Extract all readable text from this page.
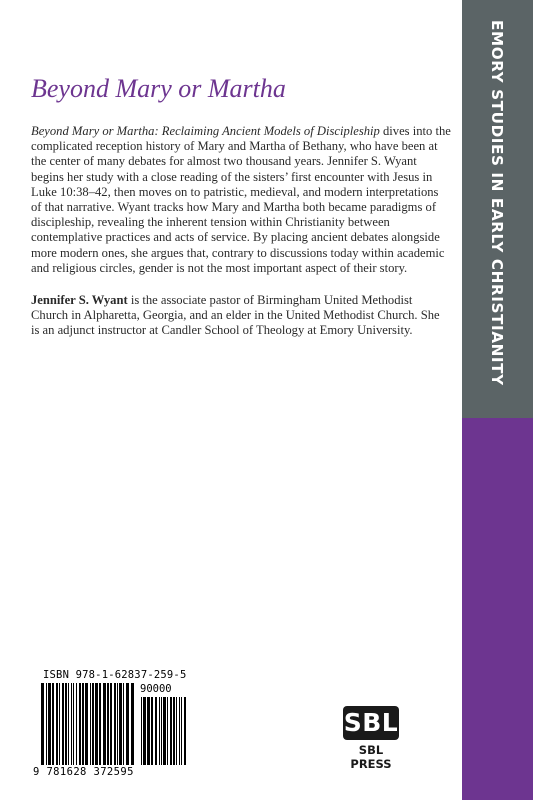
Beyond Mary or Martha

Beyond Mary or Martha: Reclaiming Ancient Models of Discipleship dives into the complicated reception history of Mary and Martha of Bethany, who have been at the center of many debates for almost two thousand years. Jennifer S. Wyant begins her study with a close reading of the sisters’ first encounter with Jesus in Luke 10:38–42, then moves on to patristic, medieval, and modern interpretations of that narrative. Wyant tracks how Mary and Martha both became paradigms of discipleship, revealing the inherent tension within Christianity between contemplative practices and acts of service. By placing ancient debates alongside more modern ones, she argues that, contrary to discussions today within academic and religious circles, gender is not the most important aspect of their story.

Jennifer S. Wyant is the associate pastor of Birmingham United Methodist Church in Alpharetta, Georgia, and an elder in the United Methodist Church. She is an adjunct instructor at Candler School of Theology at Emory University.

ISBN 978-1-62837-259-5
90000
9 781628 372595
SBL
SBL PRESS
EMORY STUDIES IN EARLY CHRISTIANITY
